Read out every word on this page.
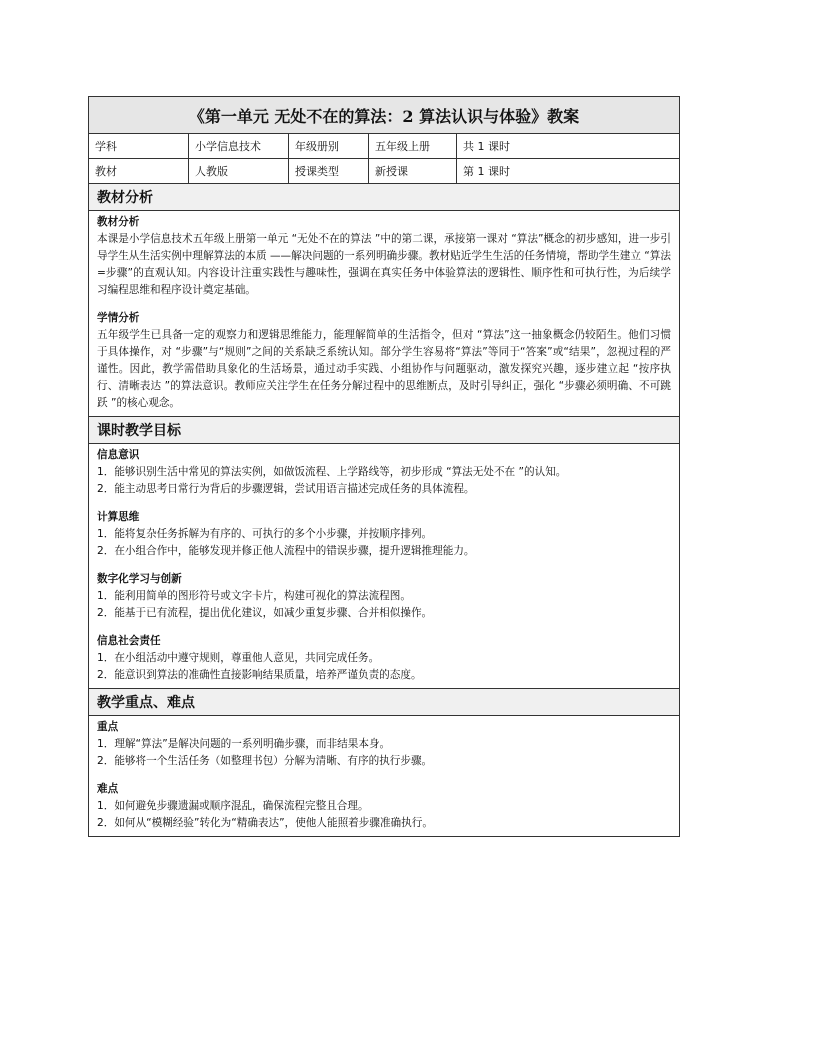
《第一单元 无处不在的算法：2 算法认识与体验》教案
学科	小学信息技术	年级册别	五年级上册	共 1 课时
教材	人教版	授课类型	新授课	第 1 课时
教材分析
教材分析

本课是小学信息技术五年级上册第一单元 “无处不在的算法 ”中的第二课，承接第一课对 “算法”概念的初步感知，进一步引导学生从生活实例中理解算法的本质 ——解决问题的一系列明确步骤。教材贴近学生生活的任务情境，帮助学生建立 “算法=步骤”的直观认知。内容设计注重实践性与趣味性，强调在真实任务中体验算法的逻辑性、顺序性和可执行性，为后续学习编程思维和程序设计奠定基础。

学情分析

五年级学生已具备一定的观察力和逻辑思维能力，能理解简单的生活指令，但对 “算法”这一抽象概念仍较陌生。他们习惯于具体操作，对 “步骤”与“规则”之间的关系缺乏系统认知。部分学生容易将“算法”等同于“答案”或“结果”，忽视过程的严谨性。因此，教学需借助具象化的生活场景，通过动手实践、小组协作与问题驱动，激发探究兴趣，逐步建立起 “按序执行、清晰表达 ”的算法意识。教师应关注学生在任务分解过程中的思维断点，及时引导纠正，强化 “步骤必须明确、不可跳跃 ”的核心观念。

课时教学目标
信息意识

1．能够识别生活中常见的算法实例，如做饭流程、上学路线等，初步形成 “算法无处不在 ”的认知。

2．能主动思考日常行为背后的步骤逻辑，尝试用语言描述完成任务的具体流程。

计算思维

1．能将复杂任务拆解为有序的、可执行的多个小步骤，并按顺序排列。

2．在小组合作中，能够发现并修正他人流程中的错误步骤，提升逻辑推理能力。

数字化学习与创新

1．能利用简单的图形符号或文字卡片，构建可视化的算法流程图。

2．能基于已有流程，提出优化建议，如减少重复步骤、合并相似操作。

信息社会责任

1．在小组活动中遵守规则，尊重他人意见，共同完成任务。

2．能意识到算法的准确性直接影响结果质量，培养严谨负责的态度。

教学重点、难点
重点

1．理解“算法”是解决问题的一系列明确步骤，而非结果本身。

2．能够将一个生活任务（如整理书包）分解为清晰、有序的执行步骤。

难点

1．如何避免步骤遗漏或顺序混乱，确保流程完整且合理。

2．如何从“模糊经验”转化为“精确表达”，使他人能照着步骤准确执行。
